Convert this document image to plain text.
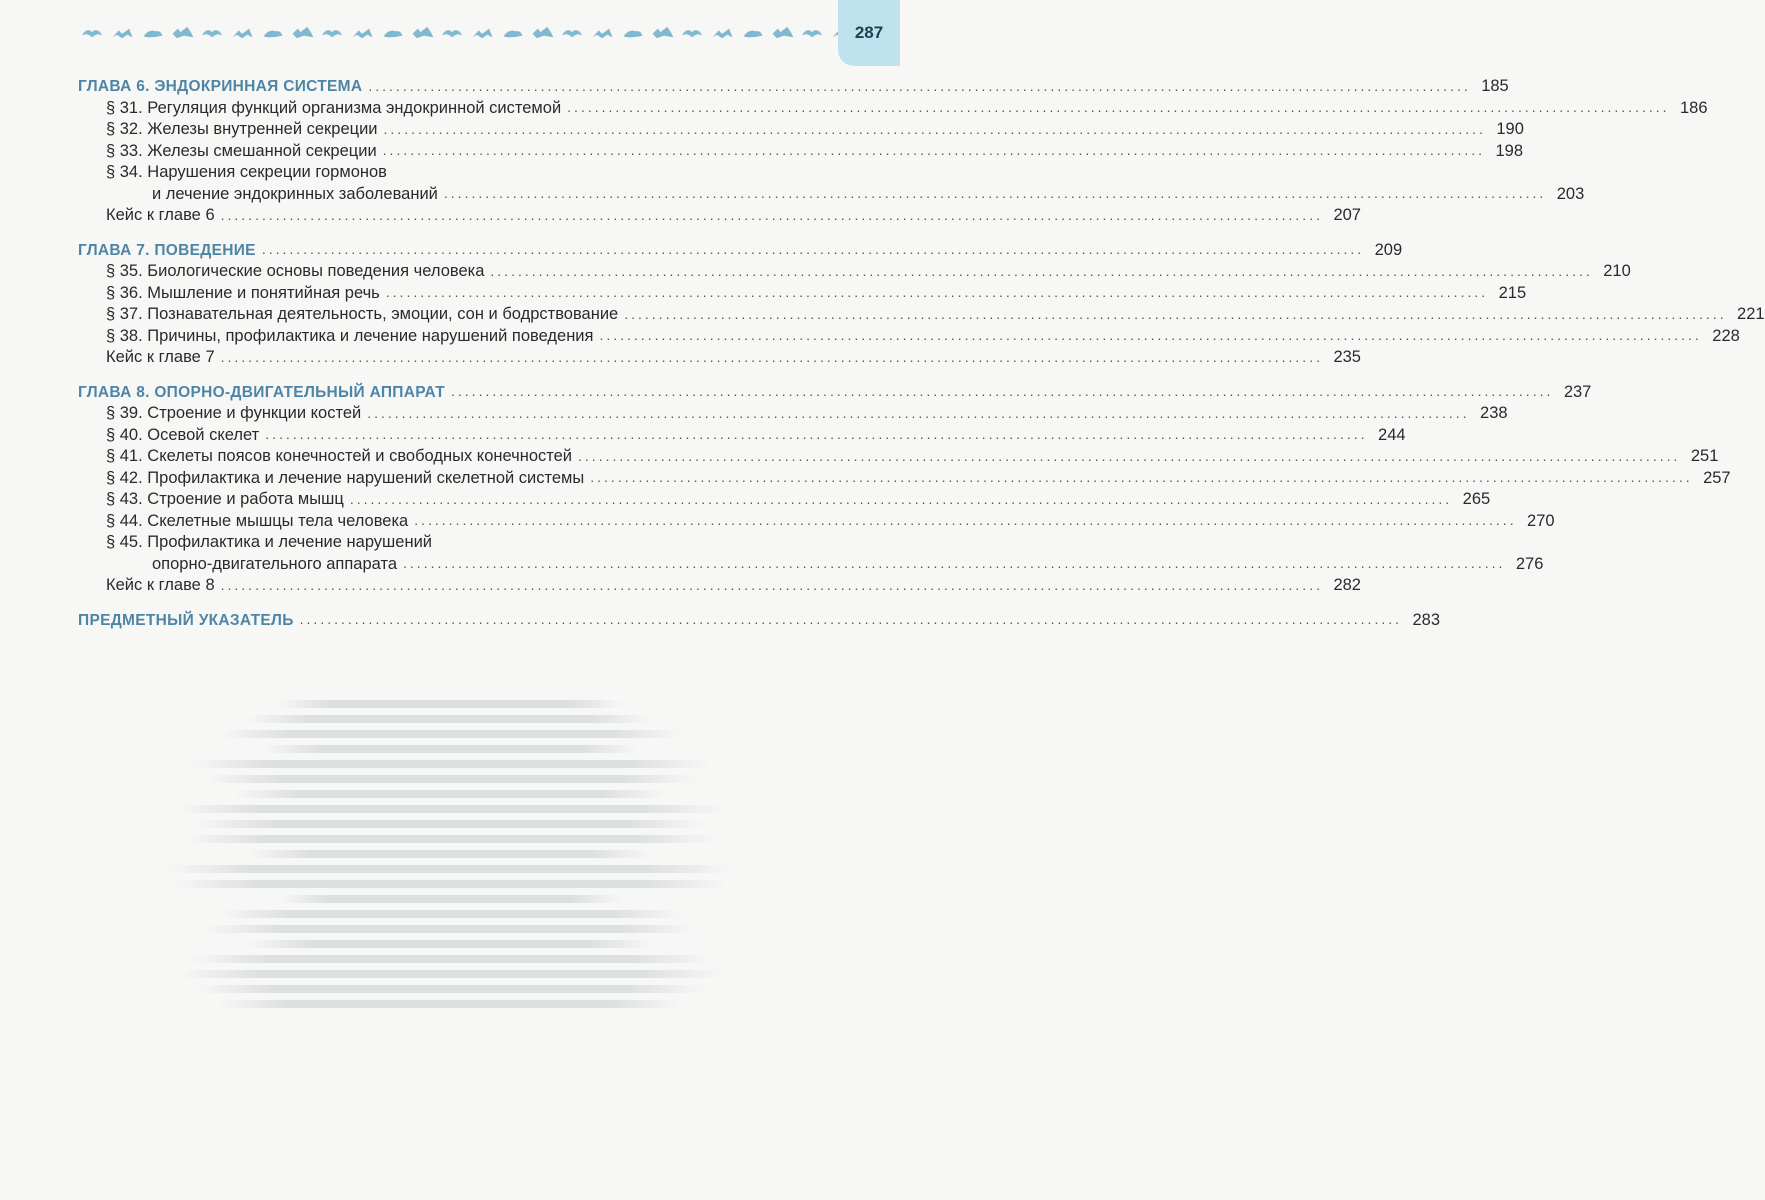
287
ГЛАВА 6. ЭНДОКРИННАЯ СИСТЕМА ................................................................................................................................................................ 185
§ 31. Регуляция функций организма эндокринной системой ................................................................................................................................................................ 186
§ 32. Железы внутренней секреции ................................................................................................................................................................ 190
§ 33. Железы смешанной секреции ................................................................................................................................................................ 198
§ 34. Нарушения секреции гормонов
и лечение эндокринных заболеваний ................................................................................................................................................................ 203
Кейс к главе 6 ................................................................................................................................................................ 207
ГЛАВА 7. ПОВЕДЕНИЕ ................................................................................................................................................................ 209
§ 35. Биологические основы поведения человека ................................................................................................................................................................ 210
§ 36. Мышление и понятийная речь ................................................................................................................................................................ 215
§ 37. Познавательная деятельность, эмоции, сон и бодрствование ................................................................................................................................................................ 221
§ 38. Причины, профилактика и лечение нарушений поведения ................................................................................................................................................................ 228
Кейс к главе 7 ................................................................................................................................................................ 235
ГЛАВА 8. ОПОРНО-ДВИГАТЕЛЬНЫЙ АППАРАТ ................................................................................................................................................................ 237
§ 39. Строение и функции костей ................................................................................................................................................................ 238
§ 40. Осевой скелет ................................................................................................................................................................ 244
§ 41. Скелеты поясов конечностей и свободных конечностей ................................................................................................................................................................ 251
§ 42. Профилактика и лечение нарушений скелетной системы ................................................................................................................................................................ 257
§ 43. Строение и работа мышц ................................................................................................................................................................ 265
§ 44. Скелетные мышцы тела человека ................................................................................................................................................................ 270
§ 45. Профилактика и лечение нарушений
опорно-двигательного аппарата ................................................................................................................................................................ 276
Кейс к главе 8 ................................................................................................................................................................ 282
ПРЕДМЕТНЫЙ УКАЗАТЕЛЬ ................................................................................................................................................................ 283
